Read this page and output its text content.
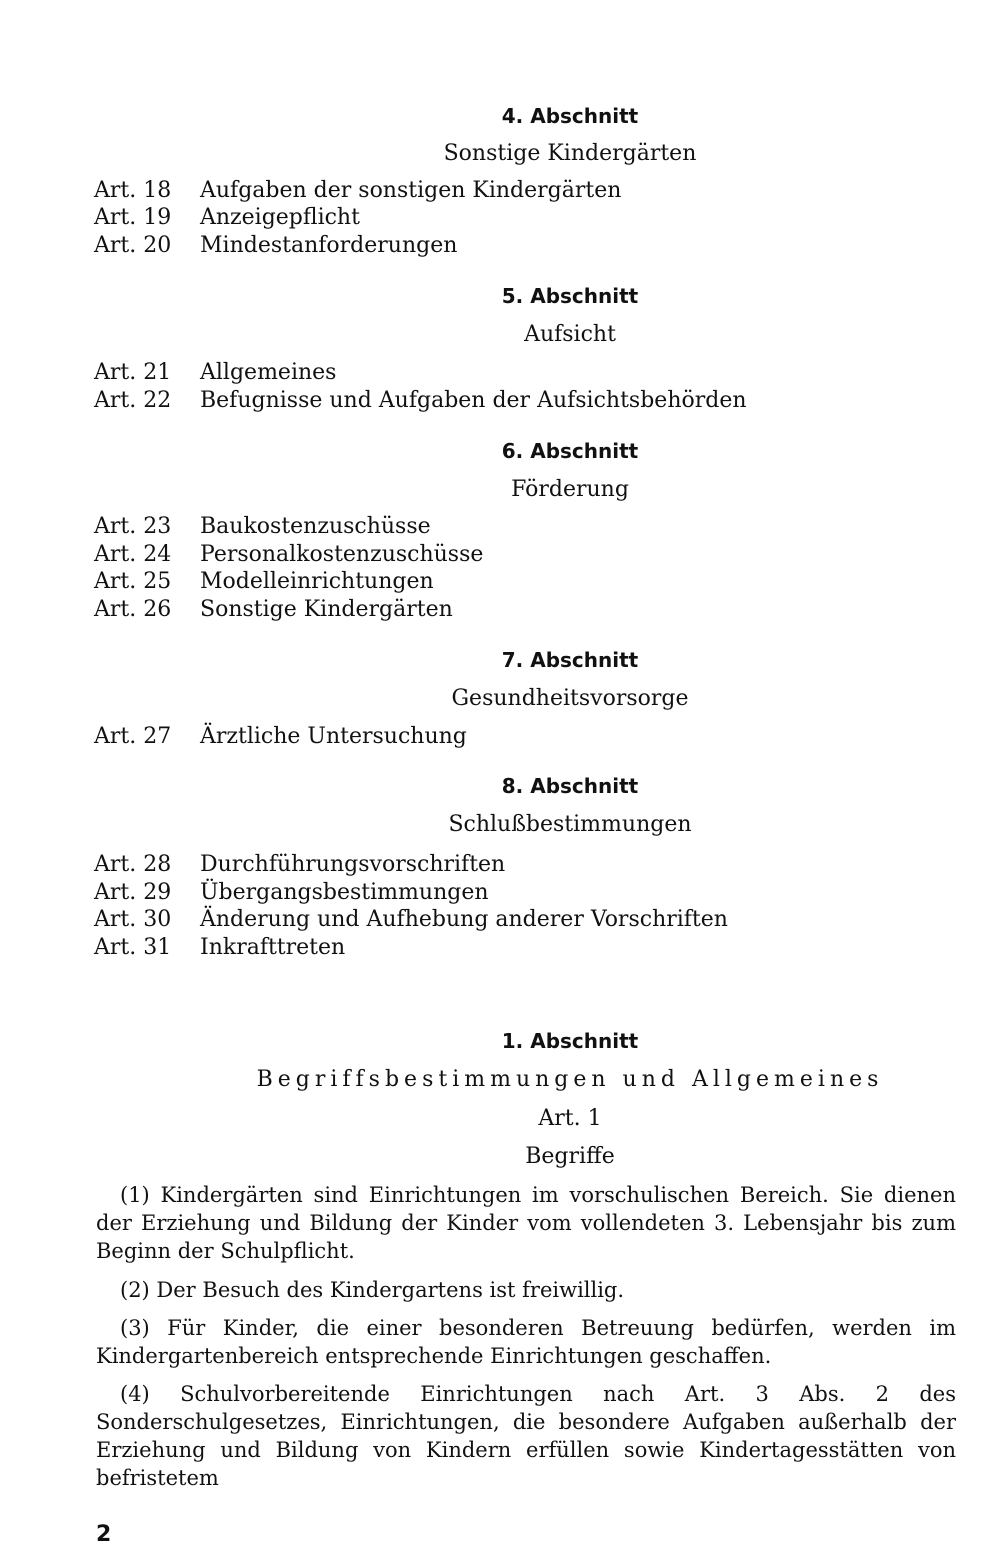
4. Abschnitt
Sonstige Kindergärten
Art. 18 Aufgaben der sonstigen Kindergärten
Art. 19 Anzeigepflicht
Art. 20 Mindestanforderungen
5. Abschnitt
Aufsicht
Art. 21 Allgemeines
Art. 22 Befugnisse und Aufgaben der Aufsichtsbehörden
6. Abschnitt
Förderung
Art. 23 Baukostenzuschüsse
Art. 24 Personalkostenzuschüsse
Art. 25 Modelleinrichtungen
Art. 26 Sonstige Kindergärten
7. Abschnitt
Gesundheitsvorsorge
Art. 27 Ärztliche Untersuchung
8. Abschnitt
Schlußbestimmungen
Art. 28 Durchführungsvorschriften
Art. 29 Übergangsbestimmungen
Art. 30 Änderung und Aufhebung anderer Vorschriften
Art. 31 Inkrafttreten
1. Abschnitt
Begriffsbestimmungen und Allgemeines
Art. 1
Begriffe
(1) Kindergärten sind Einrichtungen im vorschulischen Bereich. Sie dienen der Erziehung und Bildung der Kinder vom vollendeten 3. Lebensjahr bis zum Beginn der Schulpflicht.
(2) Der Besuch des Kindergartens ist freiwillig.
(3) Für Kinder, die einer besonderen Betreuung bedürfen, werden im Kindergartenbereich entsprechende Einrichtungen geschaffen.
(4) Schulvorbereitende Einrichtungen nach Art. 3 Abs. 2 des Sonderschulgesetzes, Einrichtungen, die besondere Aufgaben außerhalb der Erziehung und Bildung von Kindern erfüllen sowie Kindertagesstätten von befristetem
2
